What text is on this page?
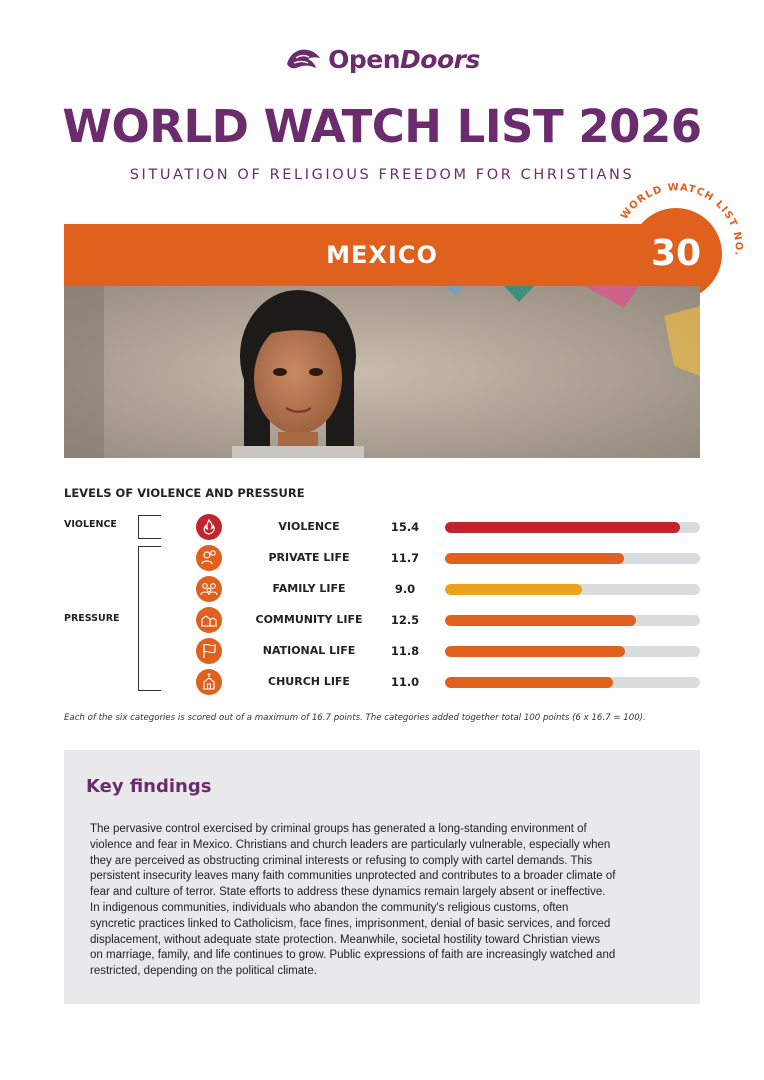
OpenDoors
WORLD WATCH LIST 2026
SITUATION OF RELIGIOUS FREEDOM FOR CHRISTIANS
MEXICO
WORLD WATCH LIST NO.
30
LEVELS OF VIOLENCE AND PRESSURE
VIOLENCE
PRESSURE
VIOLENCE	15.4
PRIVATE LIFE	11.7
FAMILY LIFE	9.0
COMMUNITY LIFE	12.5
NATIONAL LIFE	11.8
CHURCH LIFE	11.0
Each of the six categories is scored out of a maximum of 16.7 points. The categories added together total 100 points (6 x 16.7 = 100).
Key findings
The pervasive control exercised by criminal groups has generated a long-standing environment of
violence and fear in Mexico. Christians and church leaders are particularly vulnerable, especially when
they are perceived as obstructing criminal interests or refusing to comply with cartel demands. This
persistent insecurity leaves many faith communities unprotected and contributes to a broader climate of
fear and culture of terror. State efforts to address these dynamics remain largely absent or ineffective.
In indigenous communities, individuals who abandon the community's religious customs, often
syncretic practices linked to Catholicism, face fines, imprisonment, denial of basic services, and forced
displacement, without adequate state protection. Meanwhile, societal hostility toward Christian views
on marriage, family, and life continues to grow. Public expressions of faith are increasingly watched and
restricted, depending on the political climate.
